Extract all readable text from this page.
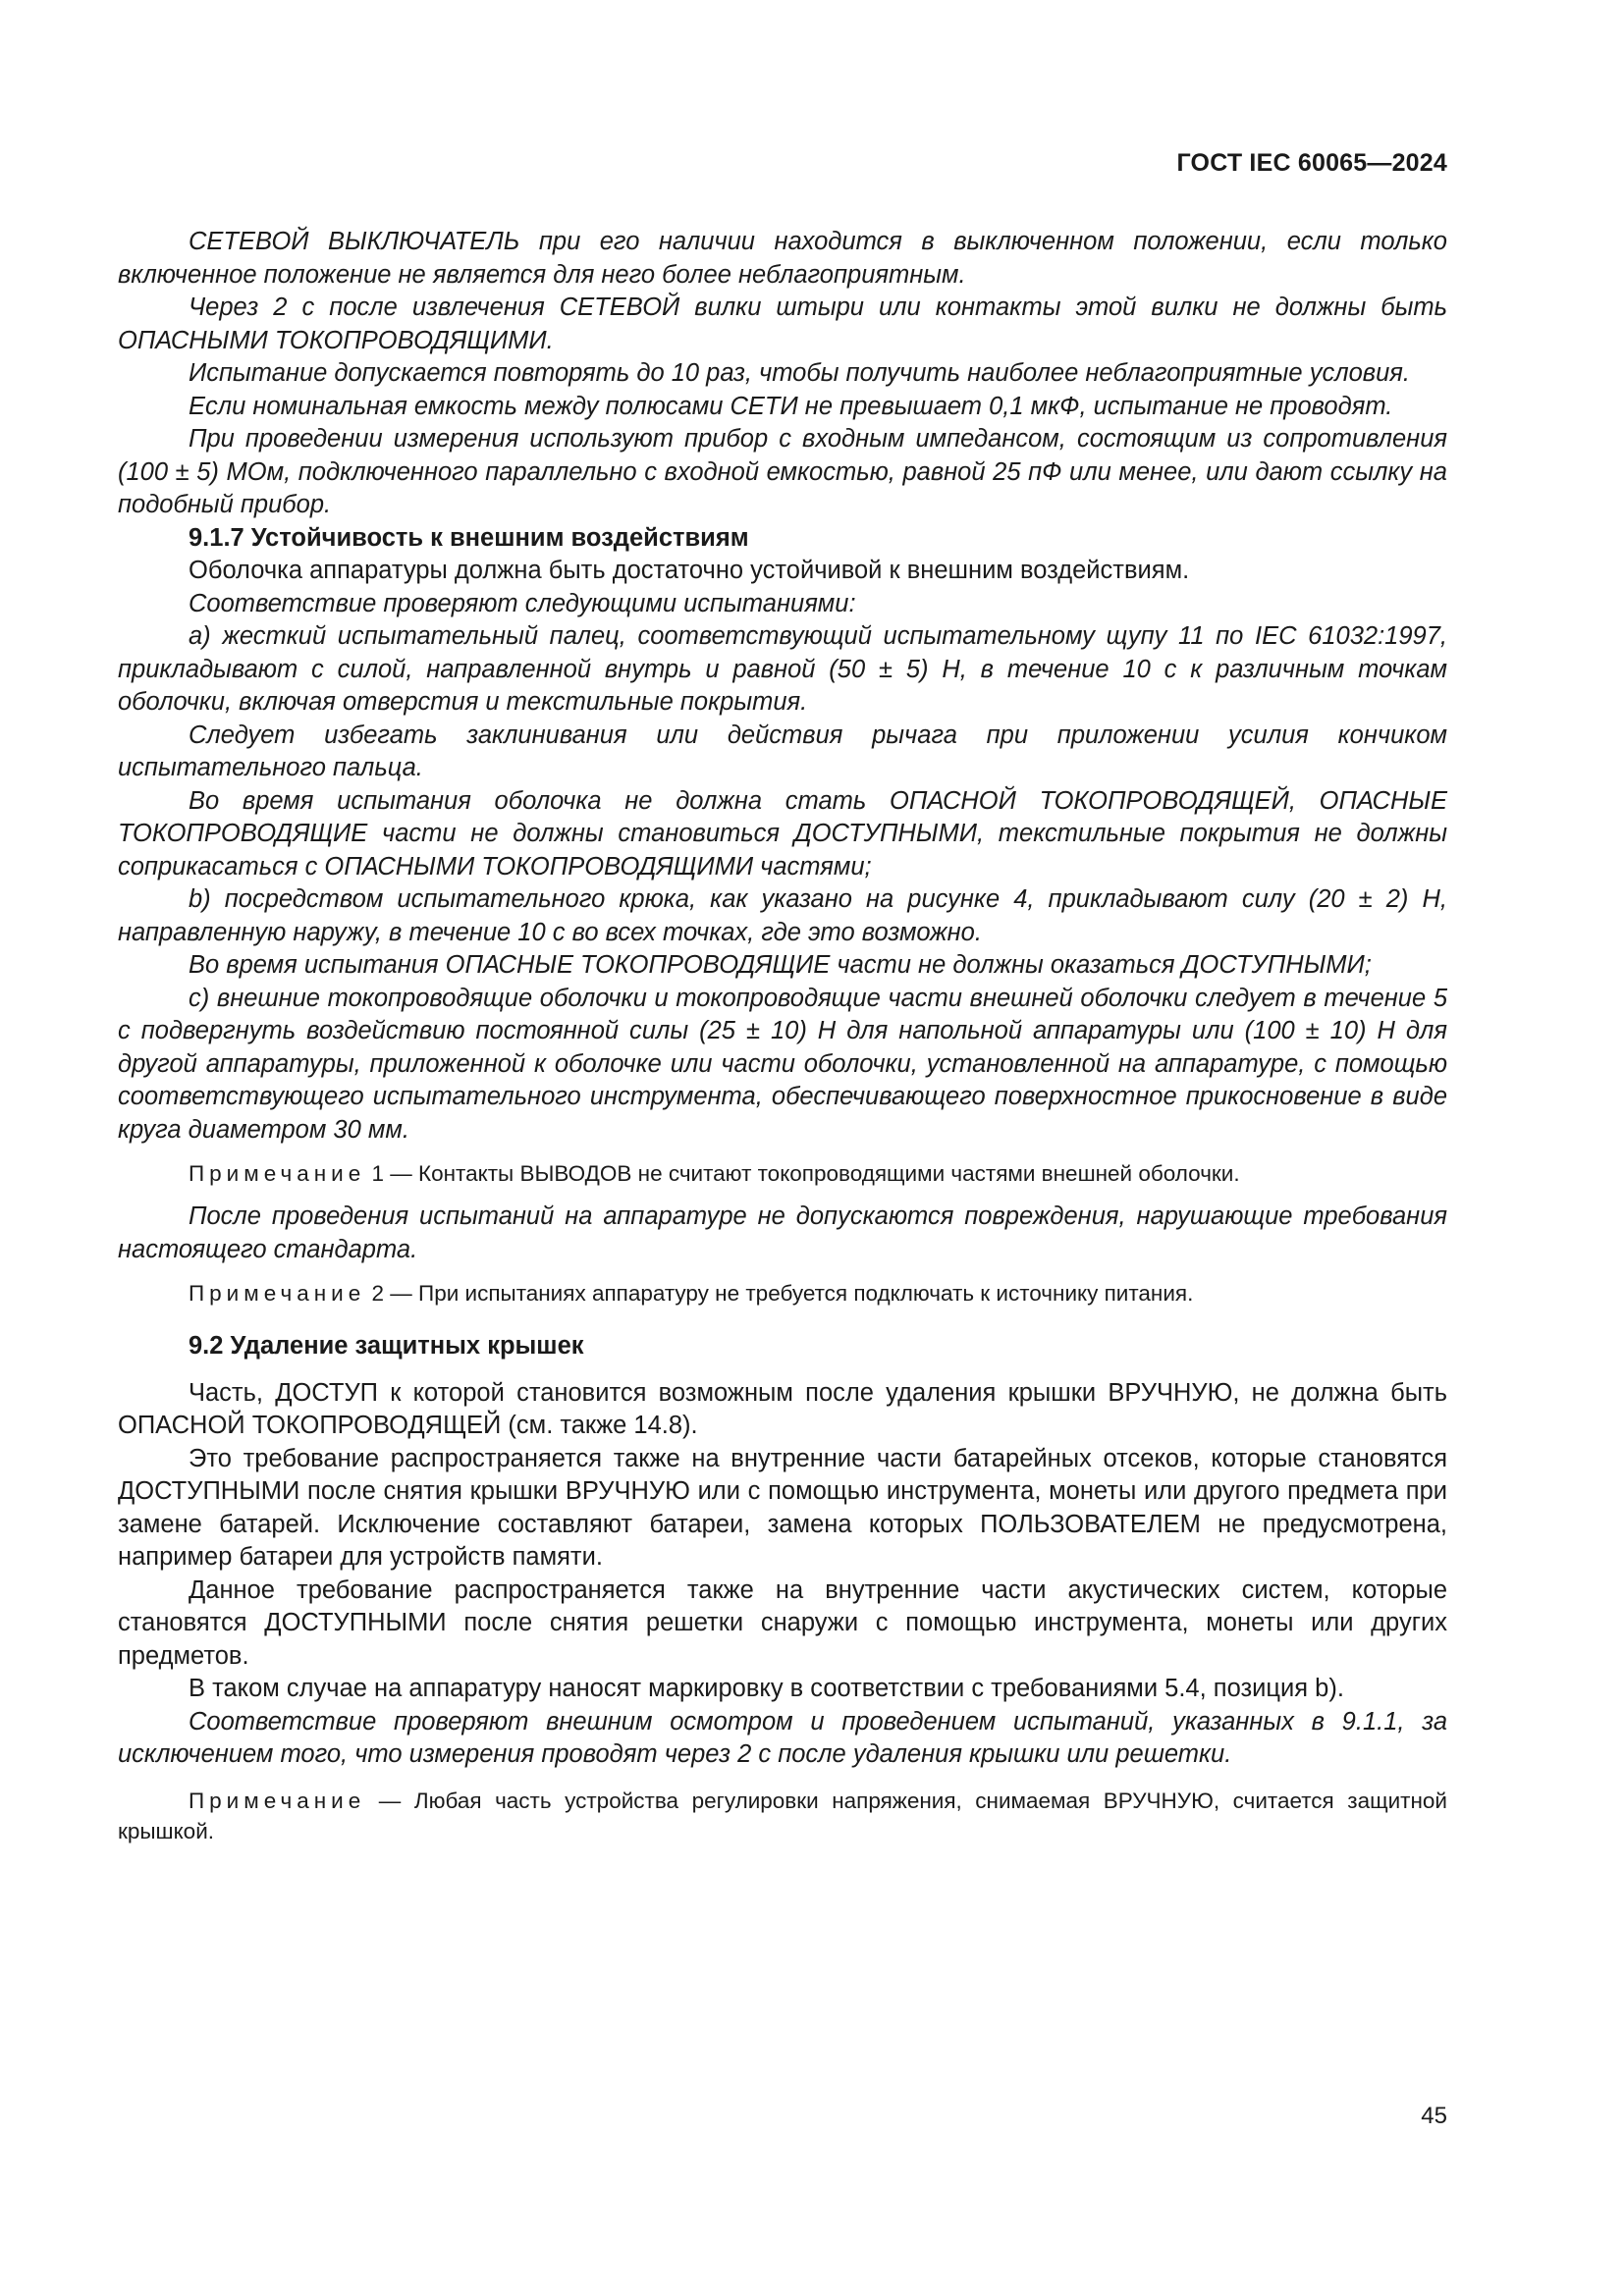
ГОСТ IEC 60065—2024

СЕТЕВОЙ ВЫКЛЮЧАТЕЛЬ при его наличии находится в выключенном положении, если только включенное положение не является для него более неблагоприятным.

Через 2 с после извлечения СЕТЕВОЙ вилки штыри или контакты этой вилки не должны быть ОПАСНЫМИ ТОКОПРОВОДЯЩИМИ.

Испытание допускается повторять до 10 раз, чтобы получить наиболее неблагоприятные условия.

Если номинальная емкость между полюсами СЕТИ не превышает 0,1 мкФ, испытание не проводят.

При проведении измерения используют прибор с входным импедансом, состоящим из сопротивления (100 ± 5) МОм, подключенного параллельно с входной емкостью, равной 25 пФ или менее, или дают ссылку на подобный прибор.

9.1.7 Устойчивость к внешним воздействиям

Оболочка аппаратуры должна быть достаточно устойчивой к внешним воздействиям.

Соответствие проверяют следующими испытаниями:

a) жесткий испытательный палец, соответствующий испытательному щупу 11 по IEC 61032:1997, прикладывают с силой, направленной внутрь и равной (50 ± 5) Н, в течение 10 с к различным точкам оболочки, включая отверстия и текстильные покрытия.

Следует избегать заклинивания или действия рычага при приложении усилия кончиком испытательного пальца.

Во время испытания оболочка не должна стать ОПАСНОЙ ТОКОПРОВОДЯЩЕЙ, ОПАСНЫЕ ТОКОПРОВОДЯЩИЕ части не должны становиться ДОСТУПНЫМИ, текстильные покрытия не должны соприкасаться с ОПАСНЫМИ ТОКОПРОВОДЯЩИМИ частями;

b) посредством испытательного крюка, как указано на рисунке 4, прикладывают силу (20 ± 2) Н, направленную наружу, в течение 10 с во всех точках, где это возможно.

Во время испытания ОПАСНЫЕ ТОКОПРОВОДЯЩИЕ части не должны оказаться ДОСТУПНЫМИ;

c) внешние токопроводящие оболочки и токопроводящие части внешней оболочки следует в течение 5 с подвергнуть воздействию постоянной силы (25 ± 10) Н для напольной аппаратуры или (100 ± 10) Н для другой аппаратуры, приложенной к оболочке или части оболочки, установленной на аппаратуре, с помощью соответствующего испытательного инструмента, обеспечивающего поверхностное прикосновение в виде круга диаметром 30 мм.

Примечание 1 — Контакты ВЫВОДОВ не считают токопроводящими частями внешней оболочки.

После проведения испытаний на аппаратуре не допускаются повреждения, нарушающие требования настоящего стандарта.

Примечание 2 — При испытаниях аппаратуру не требуется подключать к источнику питания.

9.2 Удаление защитных крышек

Часть, ДОСТУП к которой становится возможным после удаления крышки ВРУЧНУЮ, не должна быть ОПАСНОЙ ТОКОПРОВОДЯЩЕЙ (см. также 14.8).

Это требование распространяется также на внутренние части батарейных отсеков, которые становятся ДОСТУПНЫМИ после снятия крышки ВРУЧНУЮ или с помощью инструмента, монеты или другого предмета при замене батарей. Исключение составляют батареи, замена которых ПОЛЬЗОВАТЕЛЕМ не предусмотрена, например батареи для устройств памяти.

Данное требование распространяется также на внутренние части акустических систем, которые становятся ДОСТУПНЫМИ после снятия решетки снаружи с помощью инструмента, монеты или других предметов.

В таком случае на аппаратуру наносят маркировку в соответствии с требованиями 5.4, позиция b).

Соответствие проверяют внешним осмотром и проведением испытаний, указанных в 9.1.1, за исключением того, что измерения проводят через 2 с после удаления крышки или решетки.

Примечание — Любая часть устройства регулировки напряжения, снимаемая ВРУЧНУЮ, считается защитной крышкой.

45
